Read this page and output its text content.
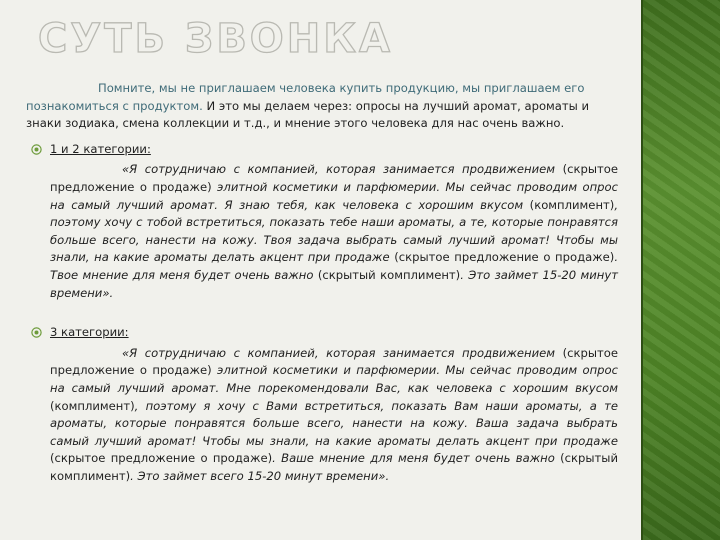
СУТЬ ЗВОНКА

Помните, мы не приглашаем человека купить продукцию, мы приглашаем его познакомиться с продуктом. И это мы делаем через: опросы на лучший аромат, ароматы и знаки зодиака, смена коллекции и т.д., и мнение этого человека для нас очень важно.

1 и 2 категории:

«Я сотрудничаю с компанией, которая занимается продвижением (скрытое предложение о продаже) элитной косметики и парфюмерии. Мы сейчас проводим опрос на самый лучший аромат. Я знаю тебя, как человека с хорошим вкусом (комплимент), поэтому хочу с тобой встретиться, показать тебе наши ароматы, а те, которые понравятся больше всего, нанести на кожу. Твоя задача выбрать самый лучший аромат! Чтобы мы знали, на какие ароматы делать акцент при продаже (скрытое предложение о продаже). Твое мнение для меня будет очень важно (скрытый комплимент). Это займет 15-20 минут времени».

3 категории:

«Я сотрудничаю с компанией, которая занимается продвижением (скрытое предложение о продаже) элитной косметики и парфюмерии. Мы сейчас проводим опрос на самый лучший аромат. Мне порекомендовали Вас, как человека с хорошим вкусом (комплимент), поэтому я хочу с Вами встретиться, показать Вам наши ароматы, а те ароматы, которые понравятся больше всего, нанести на кожу. Ваша задача выбрать самый лучший аромат! Чтобы мы знали, на какие ароматы делать акцент при продаже (скрытое предложение о продаже). Ваше мнение для меня будет очень важно (скрытый комплимент). Это займет всего 15-20 минут времени».
